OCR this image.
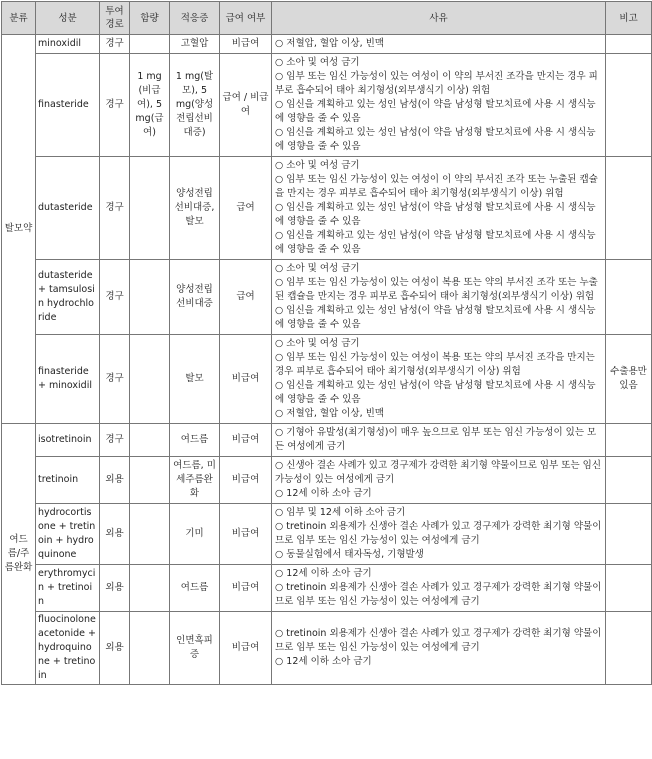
분류	성분	투여경로	함량	적응증	급여 여부	사유	비고
탈모약	minoxidil	경구		고혈압	비급여	○ 저혈압, 혈압 이상, 빈맥	

	finasteride	경구	1 mg(비급여), 5 mg(급여)	1 mg(탈모), 5 mg(양성전립선비대증)	급여 / 비급여	○ 소아 및 여성 금기
○ 임부 또는 임신 가능성이 있는 여성이 이 약의 부서진 조각을 만지는 경우 피부로 흡수되어 태아 최기형성(외부생식기 이상) 위험
○ 임신을 계획하고 있는 성인 남성(이 약을 남성형 탈모치료에 사용 시 생식능에 영향을 줄 수 있음
○ 임신을 계획하고 있는 성인 남성(이 약을 남성형 탈모치료에 사용 시 생식능에 영향을 줄 수 있음	

	dutasteride	경구		양성전립선비대증, 탈모	급여	○ 소아 및 여성 금기
○ 임부 또는 임신 가능성이 있는 여성이 이 약의 부서진 조각 또는 누출된 캡슐을 만지는 경우 피부로 흡수되어 태아 최기형성(외부생식기 이상) 위험
○ 임신을 계획하고 있는 성인 남성(이 약을 남성형 탈모치료에 사용 시 생식능에 영향을 줄 수 있음
○ 임신을 계획하고 있는 성인 남성(이 약을 남성형 탈모치료에 사용 시 생식능에 영향을 줄 수 있음	

	dutasteride + tamsulosin hydrochloride	경구		양성전립선비대증	급여	○ 소아 및 여성 금기
○ 임부 또는 임신 가능성이 있는 여성이 복용 또는 약의 부서진 조각 또는 누출된 캡슐을 만지는 경우 피부로 흡수되어 태아 최기형성(외부생식기 이상) 위험
○ 임신을 계획하고 있는 성인 남성(이 약을 남성형 탈모치료에 사용 시 생식능에 영향을 줄 수 있음	

	finasteride + minoxidil	경구		탈모	비급여	○ 소아 및 여성 금기
○ 임부 또는 임신 가능성이 있는 여성이 복용 또는 약의 부서진 조각을 만지는 경우 피부로 흡수되어 태아 최기형성(외부생식기 이상) 위험
○ 임신을 계획하고 있는 성인 남성(이 약을 남성형 탈모치료에 사용 시 생식능에 영향을 줄 수 있음
○ 저혈압, 혈압 이상, 빈맥	수출용만 있음
여드름/주름완화	isotretinoin	경구		여드름	비급여	○ 기형아 유발성(최기형성)이 매우 높으므로 임부 또는 임신 가능성이 있는 모든 여성에게 금기	

	tretinoin	외용		여드름, 미세주름완화	비급여	○ 신생아 결손 사례가 있고 경구제가 강력한 최기형 약물이므로 임부 또는 임신 가능성이 있는 여성에게 금기
○ 12세 이하 소아 금기	

	hydrocortisone + tretinoin + hydroquinone	외용		기미	비급여	○ 임부 및 12세 이하 소아 금기
○ tretinoin 외용제가 신생아 결손 사례가 있고 경구제가 강력한 최기형 약물이므로 임부 또는 임신 가능성이 있는 여성에게 금기
○ 동물실험에서 태자독성, 기형발생	

	erythromycin + tretinoin	외용		여드름	비급여	○ 12세 이하 소아 금기
○ tretinoin 외용제가 신생아 결손 사례가 있고 경구제가 강력한 최기형 약물이므로 임부 또는 임신 가능성이 있는 여성에게 금기	

	fluocinolone acetonide + hydroquinone + tretinoin	외용		인면흑피증	비급여	○ tretinoin 외용제가 신생아 결손 사례가 있고 경구제가 강력한 최기형 약물이므로 임부 또는 임신 가능성이 있는 여성에게 금기
○ 12세 이하 소아 금기	
